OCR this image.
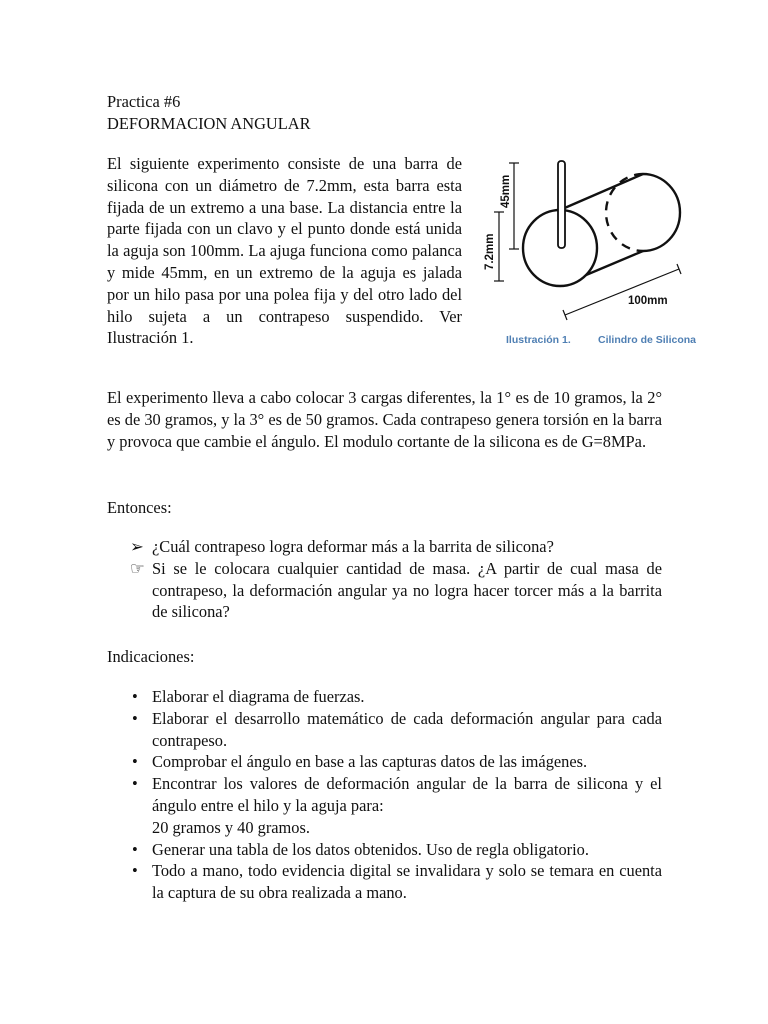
Practica #6
DEFORMACION ANGULAR
El siguiente experimento consiste de una barra de silicona con un diámetro de 7.2mm, esta barra esta fijada de un extremo a una base. La distancia entre la parte fijada con un clavo y el punto donde está unida la aguja son 100mm. La ajuga funciona como palanca y mide 45mm, en un extremo de la aguja es jalada por un hilo pasa por una polea fija y del otro lado del hilo sujeta a un contrapeso suspendido. Ver Ilustración 1.
45mm
7.2mm
100mm
Ilustración 1.	Cilindro de Silicona
El experimento lleva a cabo colocar 3 cargas diferentes, la 1° es de 10 gramos, la 2° es de 30 gramos, y la 3° es de 50 gramos. Cada contrapeso genera torsión en la barra y provoca que cambie el ángulo. El modulo cortante de la silicona es de G=8MPa.
Entonces:
➢ ¿Cuál contrapeso logra deformar más a la barrita de silicona?
☞ Si se le colocara cualquier cantidad de masa. ¿A partir de cual masa de contrapeso, la deformación angular ya no logra hacer torcer más a la barrita de silicona?
Indicaciones:
• Elaborar el diagrama de fuerzas.
• Elaborar el desarrollo matemático de cada deformación angular para cada contrapeso.
• Comprobar el ángulo en base a las capturas datos de las imágenes.
• Encontrar los valores de deformación angular de la barra de silicona y el ángulo entre el hilo y la aguja para:
20 gramos y 40 gramos.
• Generar una tabla de los datos obtenidos. Uso de regla obligatorio.
• Todo a mano, todo evidencia digital se invalidara y solo se temara en cuenta la captura de su obra realizada a mano.
